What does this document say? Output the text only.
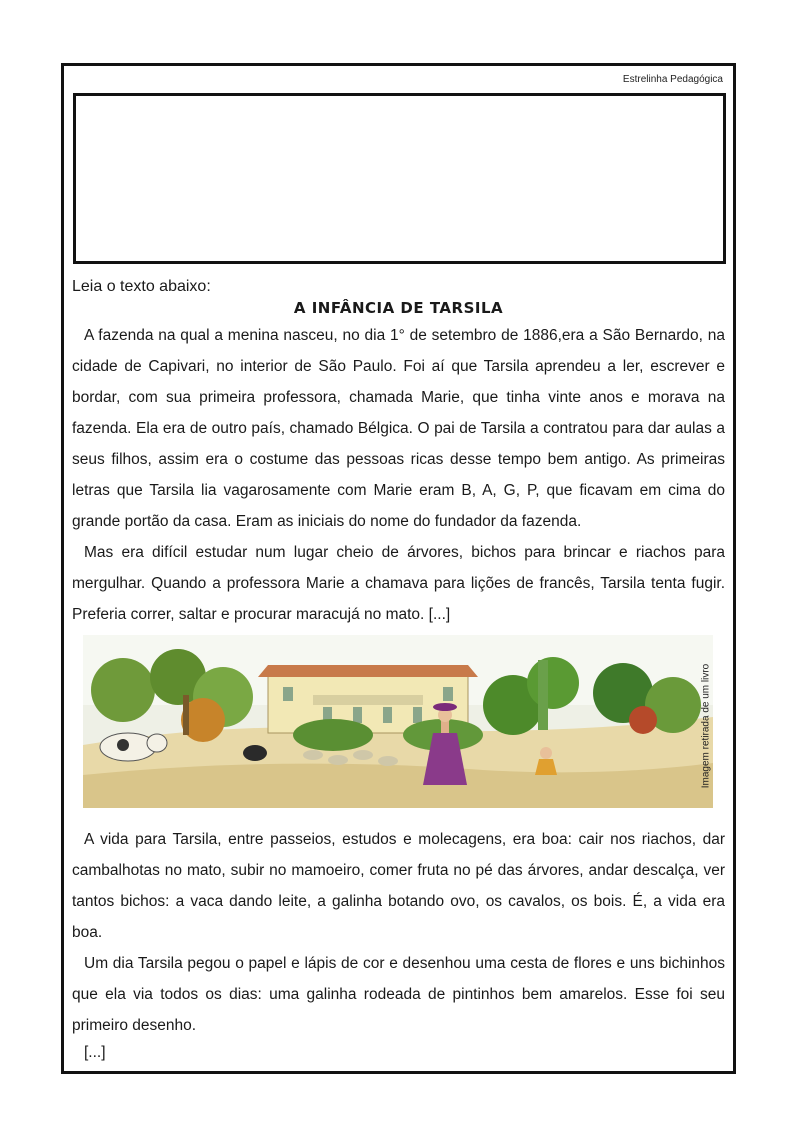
Estrelinha Pedagógica
Leia o texto abaixo:
A INFÂNCIA DE TARSILA

A fazenda na qual a menina nasceu, no dia 1° de setembro de 1886,era a São Bernardo, na cidade de Capivari, no interior de São Paulo. Foi aí que Tarsila aprendeu a ler, escrever e bordar, com sua primeira professora, chamada Marie, que tinha vinte anos e morava na fazenda. Ela era de outro país, chamado Bélgica. O pai de Tarsila a contratou para dar aulas a seus filhos, assim era o costume das pessoas ricas desse tempo bem antigo. As primeiras letras que Tarsila lia vagarosamente com Marie eram B, A, G, P, que ficavam em cima do grande portão da casa. Eram as iniciais do nome do fundador da fazenda.

Mas era difícil estudar num lugar cheio de árvores, bichos para brincar e riachos para mergulhar. Quando a professora Marie a chamava para lições de francês, Tarsila tenta fugir. Preferia correr, saltar e procurar maracujá no mato. [...]

Imagem retirada de um livro

A vida para Tarsila, entre passeios, estudos e molecagens, era boa: cair nos riachos, dar cambalhotas no mato, subir no mamoeiro, comer fruta no pé das árvores, andar descalça, ver tantos bichos: a vaca dando leite, a galinha botando ovo, os cavalos, os bois. É, a vida era boa.

Um dia Tarsila pegou o papel e lápis de cor e desenhou uma cesta de flores e uns bichinhos que ela via todos os dias: uma galinha rodeada de pintinhos bem amarelos. Esse foi seu primeiro desenho.

[...]
